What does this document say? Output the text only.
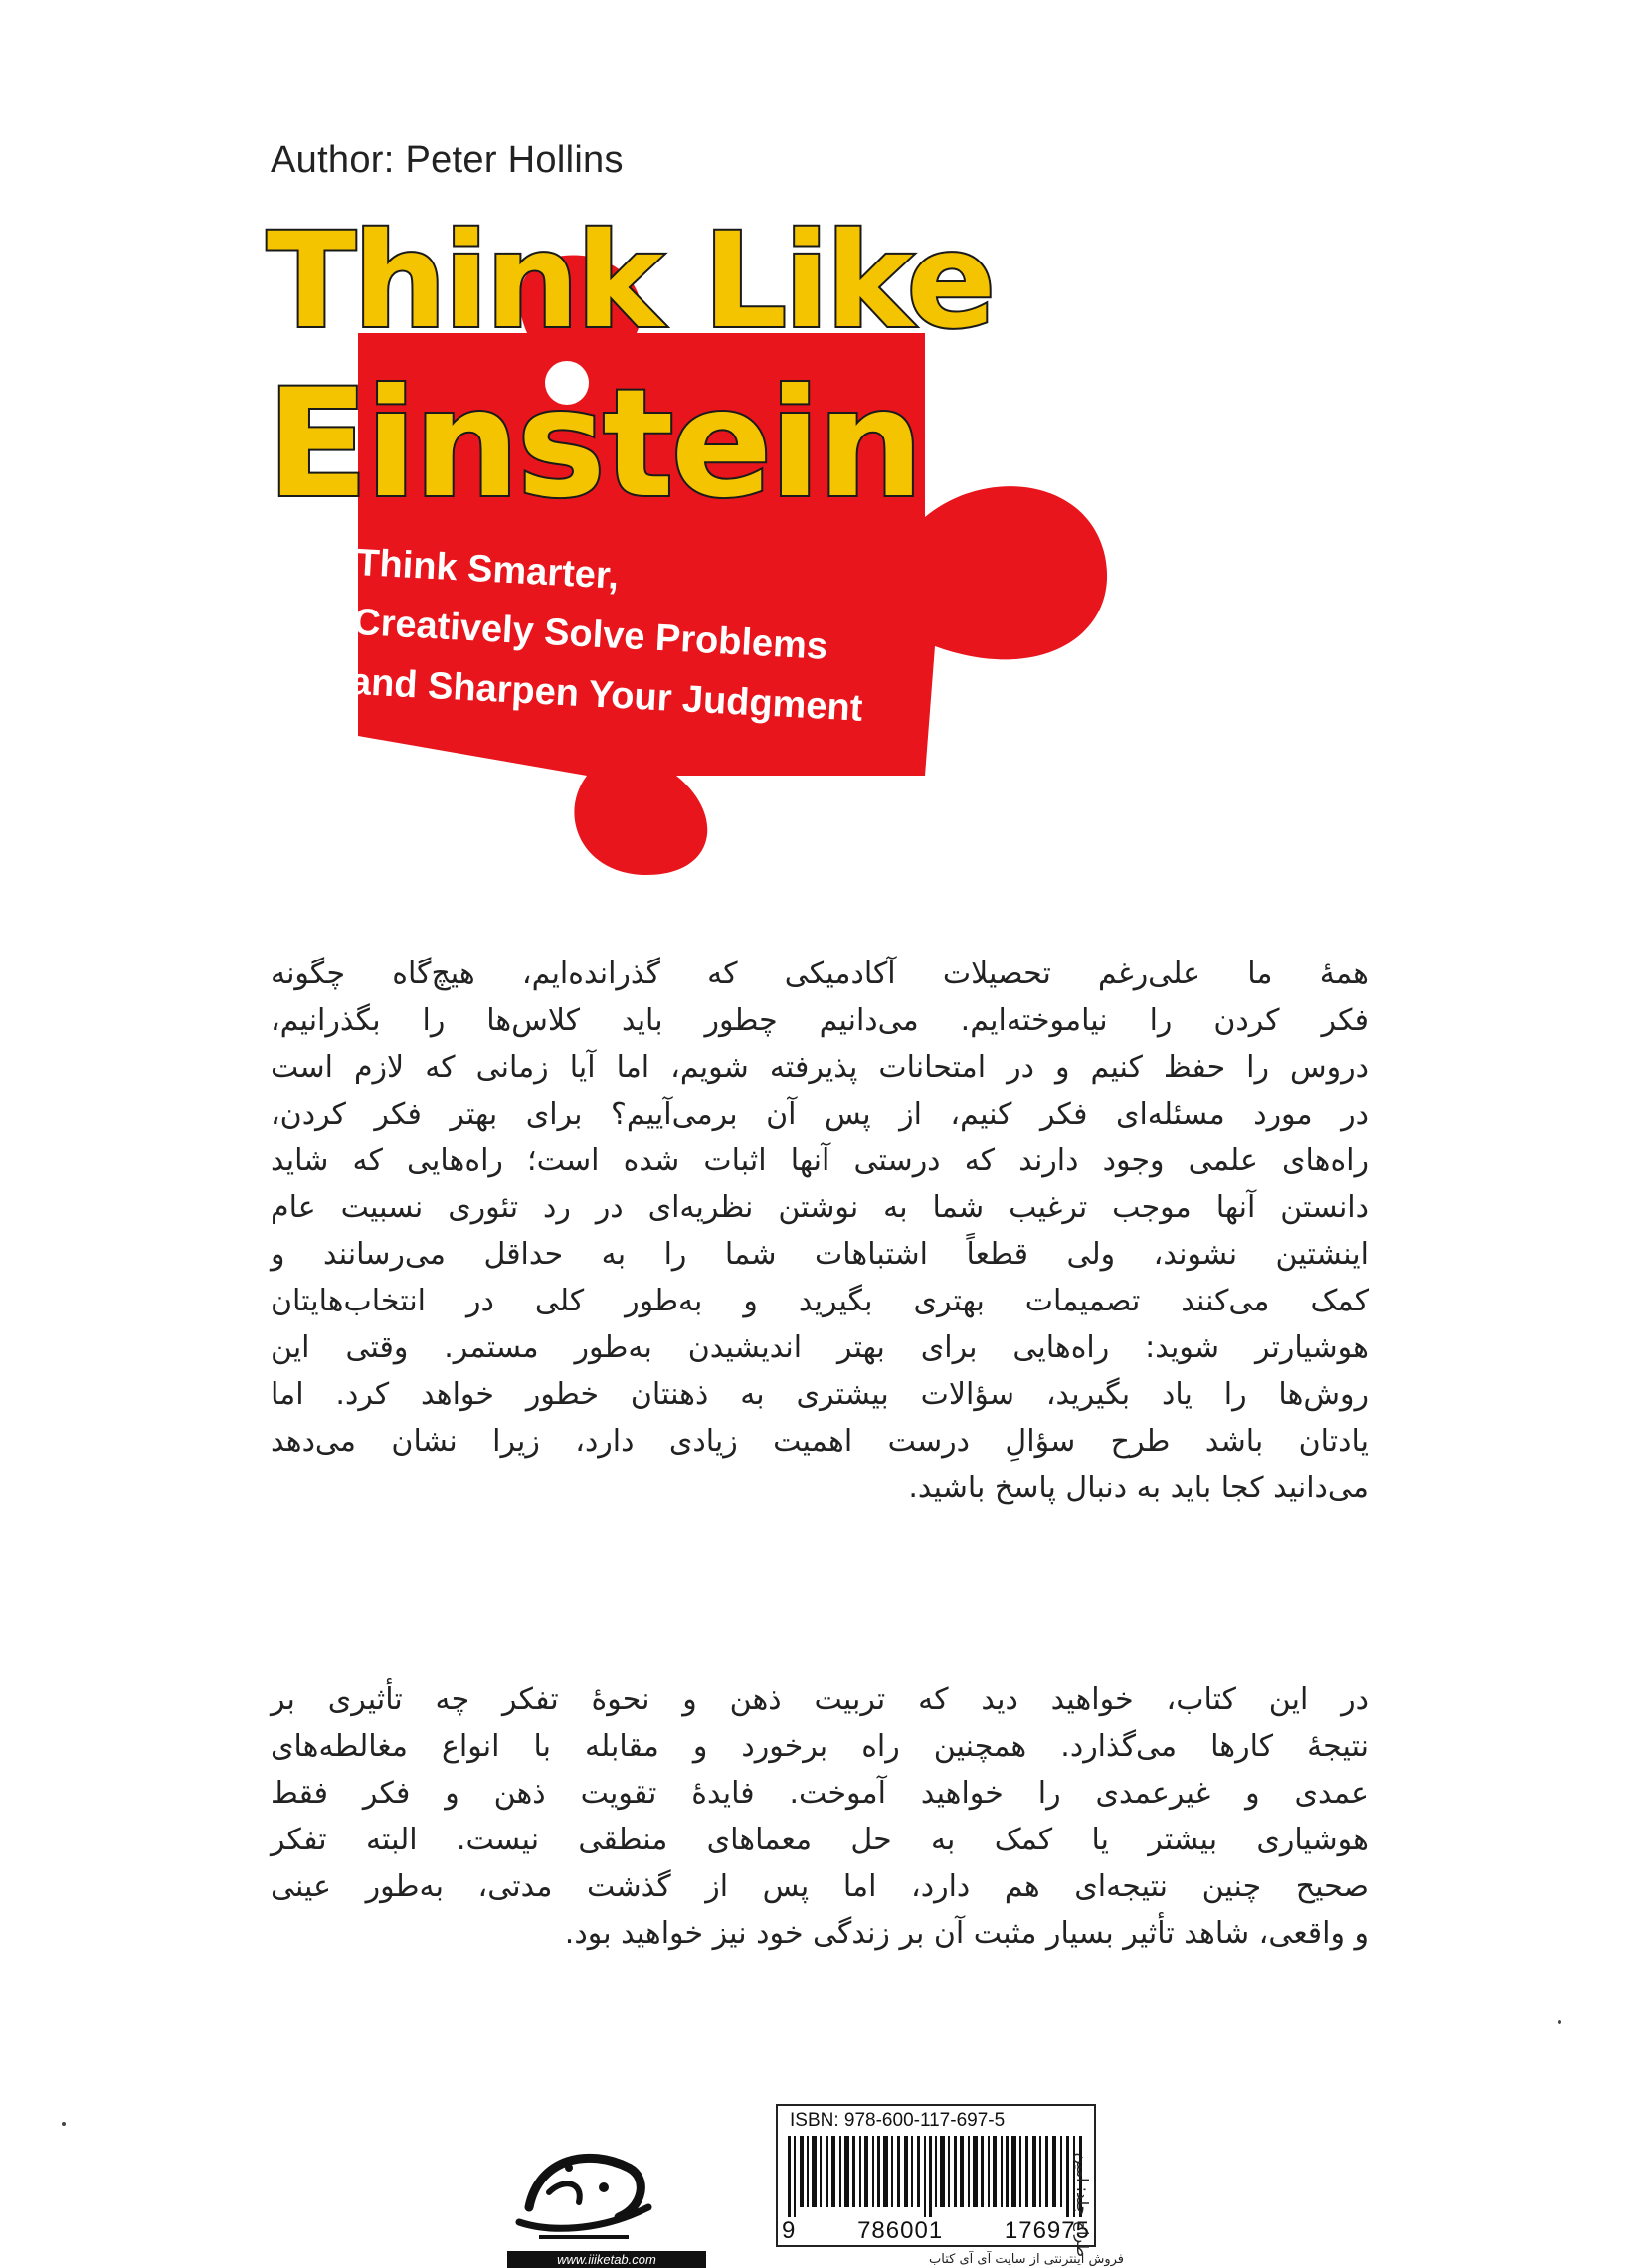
Author: Peter Hollins
Think Like
Einstein
Think Smarter,
Creatively Solve Problems
and Sharpen Your Judgment
همهٔ ما علی‌رغم تحصیلات آکادمیکی که گذرانده‌ایم، هیچ‌گاه چگونه
فکر کردن را نیاموخته‌ایم. می‌دانیم چطور باید کلاس‌ها را بگذرانیم،
دروس را حفظ کنیم و در امتحانات پذیرفته شویم، اما آیا زمانی که لازم است
در مورد مسئله‌ای فکر کنیم، از پس آن برمی‌آییم؟ برای بهتر فکر کردن،
راه‌های علمی وجود دارند که درستی آنها اثبات شده است؛ راه‌هایی که شاید
دانستن آنها موجب ترغیب شما به نوشتن نظریه‌ای در رد تئوری نسبیت عام
اینشتین نشوند، ولی قطعاً اشتباهات شما را به حداقل می‌رسانند و
کمک می‌کنند تصمیمات بهتری بگیرید و به‌طور کلی در انتخاب‌هایتان
هوشیارتر شوید: راه‌هایی برای بهتر اندیشیدن به‌طور مستمر. وقتی این
روش‌ها را یاد بگیرید، سؤالات بیشتری به ذهنتان خطور خواهد کرد. اما
یادتان باشد طرح سؤالِ درست اهمیت زیادی دارد، زیرا نشان می‌دهد
می‌دانید کجا باید به دنبال پاسخ باشید.
در این کتاب، خواهید دید که تربیت ذهن و نحوهٔ تفکر چه تأثیری بر
نتیجهٔ کارها می‌گذارد. همچنین راه برخورد و مقابله با انواع مغالطه‌های
عمدی و غیرعمدی را خواهید آموخت. فایدهٔ تقویت ذهن و فکر فقط
هوشیاری بیشتر یا کمک به حل معماهای منطقی نیست. البته تفکر
صحیح چنین نتیجه‌ای هم دارد، اما پس از گذشت مدتی، به‌طور عینی
و واقعی، شاهد تأثیر بسیار مثبت آن بر زندگی خود نیز خواهید بود.
ISBN: 978-600-117-697-5
9	786001	176975
طراح جلد: امین
www.iiiketab.com	فروش اینترنتی از سایت آی آی کتاب
